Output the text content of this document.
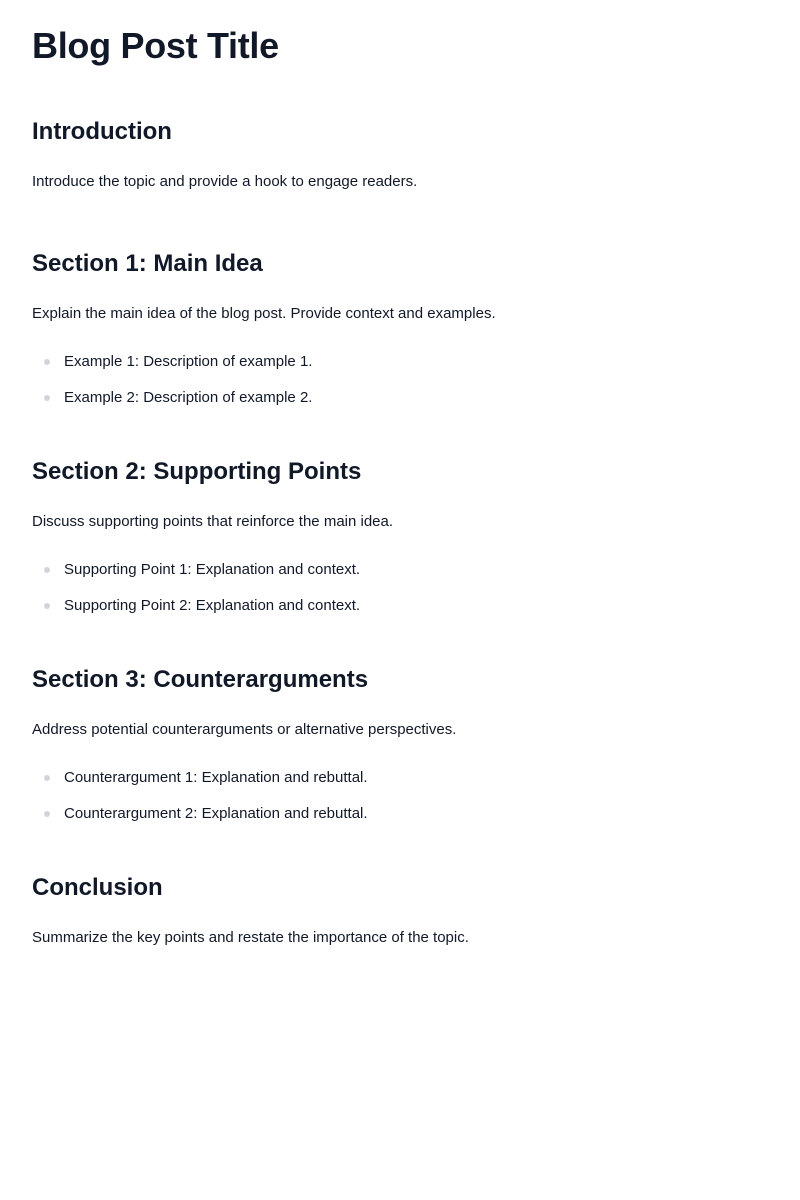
Blog Post Title
Introduction

Introduce the topic and provide a hook to engage readers.

Section 1: Main Idea

Explain the main idea of the blog post. Provide context and examples.

Example 1: Description of example 1.
Example 2: Description of example 2.
Section 2: Supporting Points

Discuss supporting points that reinforce the main idea.

Supporting Point 1: Explanation and context.
Supporting Point 2: Explanation and context.
Section 3: Counterarguments

Address potential counterarguments or alternative perspectives.

Counterargument 1: Explanation and rebuttal.
Counterargument 2: Explanation and rebuttal.
Conclusion

Summarize the key points and restate the importance of the topic.
